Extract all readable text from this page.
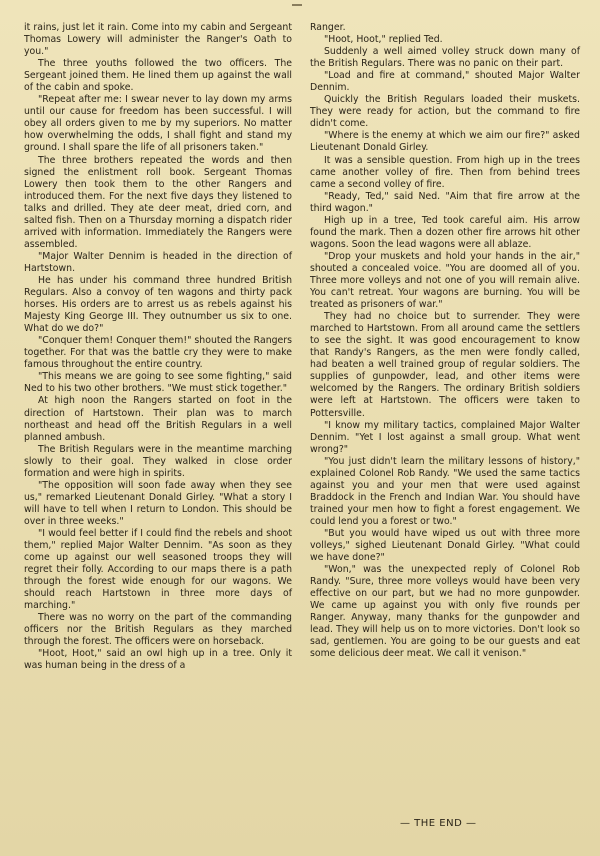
it rains, just let it rain. Come into my cabin and Sergeant Thomas Lowery will administer the Ranger's Oath to you."

The three youths followed the two officers. The Sergeant joined them. He lined them up against the wall of the cabin and spoke.

"Repeat after me: I swear never to lay down my arms until our cause for freedom has been successful. I will obey all orders given to me by my superiors. No matter how overwhelming the odds, I shall fight and stand my ground. I shall spare the life of all prisoners taken."

The three brothers repeated the words and then signed the enlistment roll book. Sergeant Thomas Lowery then took them to the other Rangers and introduced them. For the next five days they listened to talks and drilled. They ate deer meat, dried corn, and salted fish. Then on a Thursday morning a dispatch rider arrived with information. Immediately the Rangers were assembled.

"Major Walter Dennim is headed in the direction of Hartstown.

He has under his command three hundred British Regulars. Also a convoy of ten wagons and thirty pack horses. His orders are to arrest us as rebels against his Majesty King George III. They outnumber us six to one. What do we do?"

"Conquer them! Conquer them!" shouted the Rangers together. For that was the battle cry they were to make famous throughout the entire country.

"This means we are going to see some fighting," said Ned to his two other brothers. "We must stick together."

At high noon the Rangers started on foot in the direction of Hartstown. Their plan was to march northeast and head off the British Regulars in a well planned ambush.

The British Regulars were in the meantime marching slowly to their goal. They walked in close order formation and were high in spirits.

"The opposition will soon fade away when they see us," remarked Lieutenant Donald Girley. "What a story I will have to tell when I return to London. This should be over in three weeks."

"I would feel better if I could find the rebels and shoot them," replied Major Walter Dennim. "As soon as they come up against our well seasoned troops they will regret their folly. According to our maps there is a path through the forest wide enough for our wagons. We should reach Hartstown in three more days of marching."

There was no worry on the part of the commanding officers nor the British Regulars as they marched through the forest. The officers were on horseback.

"Hoot, Hoot," said an owl high up in a tree. Only it was human being in the dress of a

Ranger.

"Hoot, Hoot," replied Ted.

Suddenly a well aimed volley struck down many of the British Regulars. There was no panic on their part.

"Load and fire at command," shouted Major Walter Dennim.

Quickly the British Regulars loaded their muskets. They were ready for action, but the command to fire didn't come.

"Where is the enemy at which we aim our fire?" asked Lieutenant Donald Girley.

It was a sensible question. From high up in the trees came another volley of fire. Then from behind trees came a second volley of fire.

"Ready, Ted," said Ned. "Aim that fire arrow at the third wagon."

High up in a tree, Ted took careful aim. His arrow found the mark. Then a dozen other fire arrows hit other wagons. Soon the lead wagons were all ablaze.

"Drop your muskets and hold your hands in the air," shouted a concealed voice. "You are doomed all of you. Three more volleys and not one of you will remain alive. You can't retreat. Your wagons are burning. You will be treated as prisoners of war."

They had no choice but to surrender. They were marched to Hartstown. From all around came the settlers to see the sight. It was good encouragement to know that Randy's Rangers, as the men were fondly called, had beaten a well trained group of regular soldiers. The supplies of gunpowder, lead, and other items were welcomed by the Rangers. The ordinary British soldiers were left at Hartstown. The officers were taken to Pottersville.

"I know my military tactics, complained Major Walter Dennim. "Yet I lost against a small group. What went wrong?"

"You just didn't learn the military lessons of history," explained Colonel Rob Randy. "We used the same tactics against you and your men that were used against Braddock in the French and Indian War. You should have trained your men how to fight a forest engagement. We could lend you a forest or two."

"But you would have wiped us out with three more volleys," sighed Lieutenant Donald Girley. "What could we have done?"

"Won," was the unexpected reply of Colonel Rob Randy. "Sure, three more volleys would have been very effective on our part, but we had no more gunpowder. We came up against you with only five rounds per Ranger. Anyway, many thanks for the gunpowder and lead. They will help us on to more victories. Don't look so sad, gentlemen. You are going to be our guests and eat some delicious deer meat. We call it venison."

— THE END —
